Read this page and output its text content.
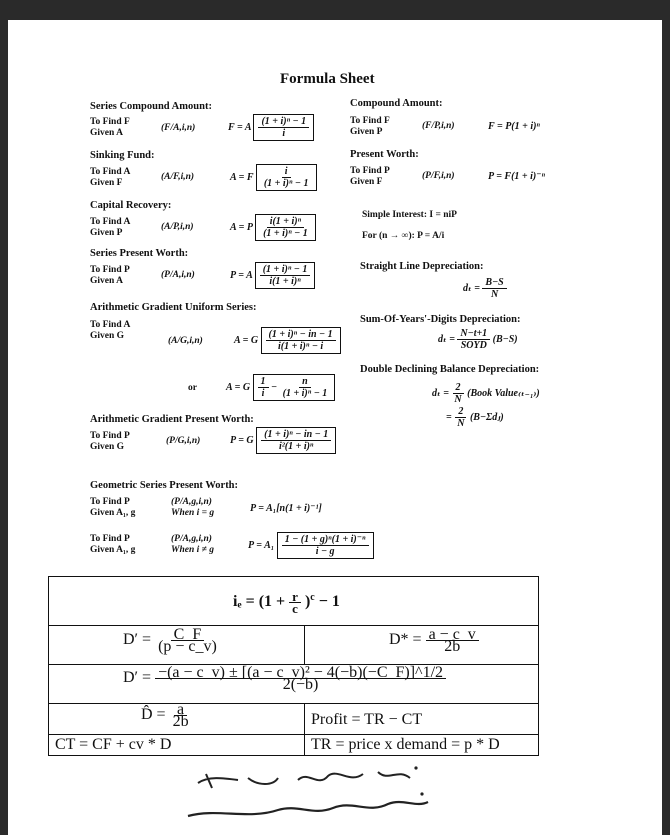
Formula Sheet
Series Compound Amount:
To Find F
Given A	(F/A,i,n)	F = A $\frac{\text{(1 + i)ⁿ − 1}}{i}$
Sinking Fund:
To Find A
Given F
(A/F,i,n)	A = F $\frac{i}{\text{(1 + i)ⁿ − 1}}$
Capital Recovery:
To Find A
Given P
(A/P,i,n)	A = P $\frac{\text{i(1 + i)ⁿ}}{\text{(1 + i)ⁿ − 1}}$
Series Present Worth:
To Find P
Given A
(P/A,i,n)	P = A $\frac{\text{(1 + i)ⁿ − 1}}{\text{i(1 + i)ⁿ}}$
Arithmetic Gradient Uniform Series:
To Find A
Given G	(A/G,i,n)	A = G $\frac{\text{(1 + i)ⁿ − in − 1}}{\text{i(1 + i)ⁿ − i}}$
or	A = G $\frac{1}{i} - \frac{n}{\text{(1 + i)ⁿ − 1}}$
Arithmetic Gradient Present Worth:
To Find P
Given G
(P/G,i,n)	P = G $\frac{\text{(1 + i)ⁿ − in − 1}}{\text{i²(1 + i)ⁿ}}$
Geometric Series Present Worth:
To Find P
Given A₁, g
(P/A,g,i,n)
When i = g	P = A₁[n(1 + i)⁻¹]
To Find P
Given A₁, g
(P/A,g,i,n)
When i ≠ g	$P = A_1 \frac{\text{1 − (1 + g)ⁿ(1 + i)⁻ⁿ}}{i - g}$
Compound Amount:
To Find F
Given P
(F/P,i,n)	F = P(1 + i)ⁿ
Present Worth:
To Find P
Given F
(P/F,i,n)	P = F(1 + i)⁻ⁿ
Simple Interest: I = niP
For (n → ∞): P = A/i
Straight Line Depreciation:
$d_t = \frac{B-S}{N}$
Sum-Of-Years'-Digits Depreciation:
$d_t = \frac{N-t+1}{\text{SOYD}} (B-S)$
Double Declining Balance Depreciation:
$d_t = \frac{2}{N}$ (Book Value₍ₜ₋₁₎)
= $\frac{2}{N}$ (B−Σdⱼ)
$i_e = (1 + \frac{r}{c} )^c - 1$
$D' = \frac{C\_F}{(p - c\_v)}$	$D* = \frac{a - c\_v}{2b}$
$D' = \frac{\text{−(a − c\_v) ± [(a − c\_v)² − 4(−b)(−C\_F)]\textasciicircum{}1/2}}{2(-b)}$
D̂ = $\frac{a}{2b}$	Profit = TR − CT
CT = CF + cv * D	TR = price x demand = p * D
